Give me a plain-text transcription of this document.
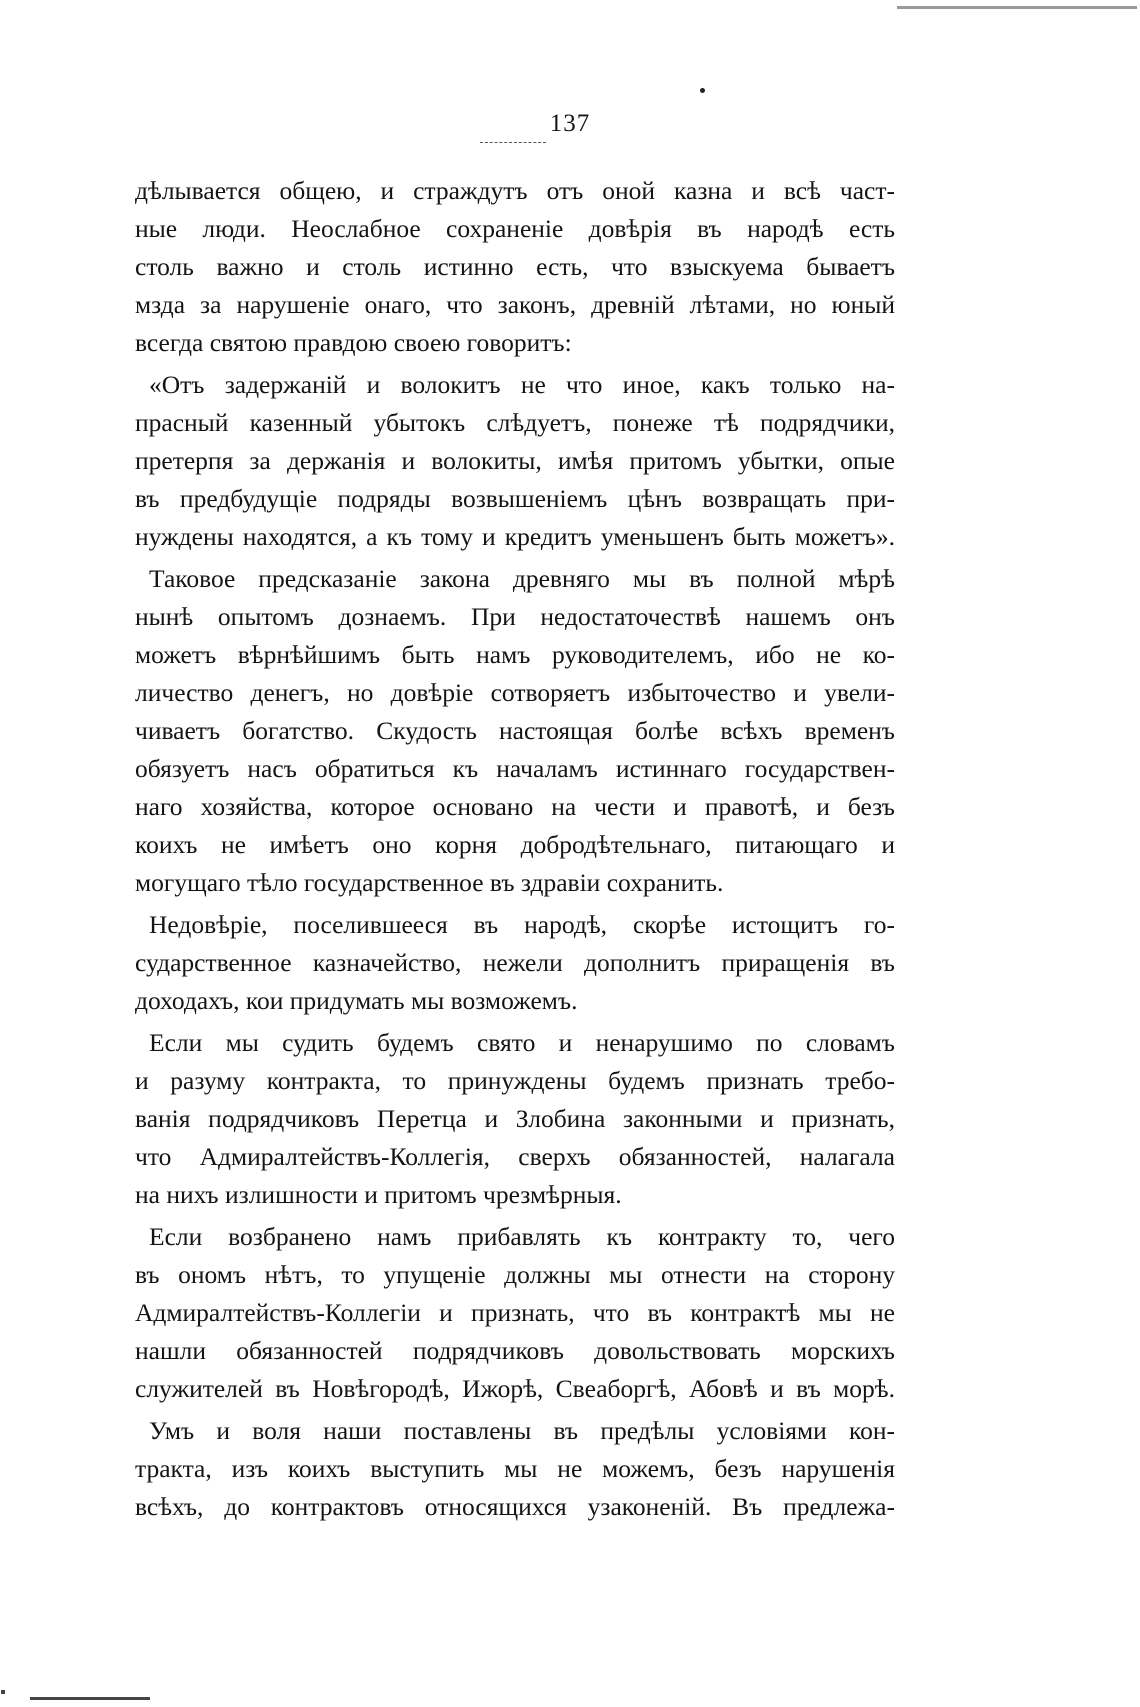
137

дѣлывается общею, и страждутъ отъ оной казна и всѣ част-
ные люди. Неослабное сохраненіе довѣрія въ народѣ есть
столь важно и столь истинно есть, что взыскуема бываетъ
мзда за нарушеніе онаго, что законъ, древній лѣтами, но юный
всегда святою правдою своею говоритъ:

«Отъ задержаній и волокитъ не что иное, какъ только на-
прасный казенный убытокъ слѣдуетъ, понеже тѣ подрядчики,
претерпя за держанія и волокиты, имѣя притомъ убытки, опые
въ предбудущіе подряды возвышеніемъ цѣнъ возвращать при-
нуждены находятся, а къ тому и кредитъ уменьшенъ быть можетъ».

Таковое предсказаніе закона древняго мы въ полной мѣрѣ
нынѣ опытомъ дознаемъ. При недостаточествѣ нашемъ онъ
можетъ вѣрнѣйшимъ быть намъ руководителемъ, ибо не ко-
личество денегъ, но довѣріе сотворяетъ избыточество и увели-
чиваетъ богатство. Скудость настоящая болѣе всѣхъ временъ
обязуетъ насъ обратиться къ началамъ истиннаго государствен-
наго хозяйства, которое основано на чести и правотѣ, и безъ
коихъ не имѣетъ оно корня добродѣтельнаго, питающаго и
могущаго тѣло государственное въ здравіи сохранить.

Недовѣріе, поселившееся въ народѣ, скорѣе истощитъ го-
сударственное казначейство, нежели дополнитъ приращенія въ
доходахъ, кои придумать мы возможемъ.

Если мы судить будемъ свято и ненарушимо по словамъ
и разуму контракта, то принуждены будемъ признать требо-
ванія подрядчиковъ Перетца и Злобина законными и признать,
что Адмиралтействъ-Коллегія, сверхъ обязанностей, налагала
на нихъ излишности и притомъ чрезмѣрныя.

Если возбранено намъ прибавлять къ контракту то, чего
въ ономъ нѣтъ, то упущеніе должны мы отнести на сторону
Адмиралтействъ-Коллегіи и признать, что въ контрактѣ мы не
нашли обязанностей подрядчиковъ довольствовать морскихъ
служителей въ Новѣгородѣ, Ижорѣ, Свеаборгѣ, Абовѣ и въ морѣ.

Умъ и воля наши поставлены въ предѣлы условіями кон-
тракта, изъ коихъ выступить мы не можемъ, безъ нарушенія
всѣхъ, до контрактовъ относящихся узаконеній. Въ предлежа-
